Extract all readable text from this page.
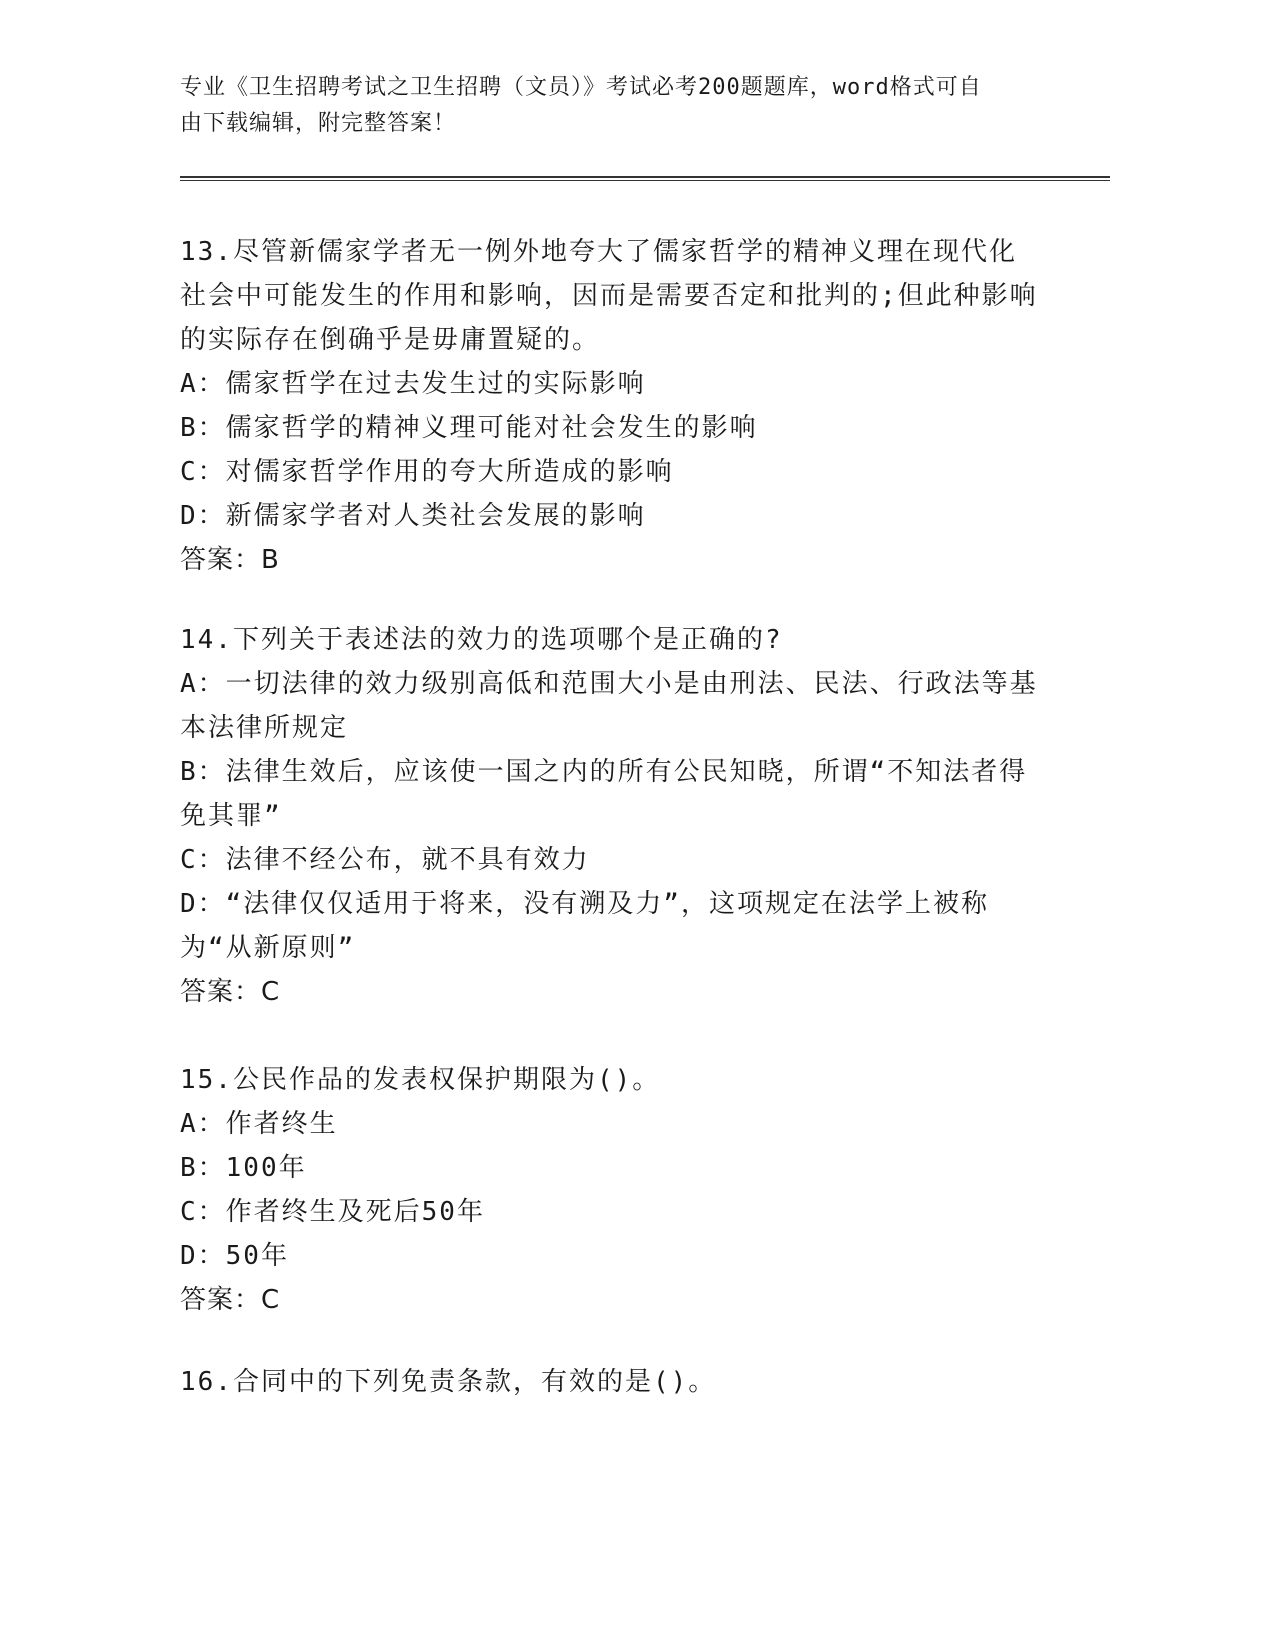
专业《卫生招聘考试之卫生招聘（文员）》考试必考200题题库，word格式可自
由下载编辑，附完整答案！

13.尽管新儒家学者无一例外地夸大了儒家哲学的精神义理在现代化社会中可能发生的作用和影响，因而是需要否定和批判的;但此种影响的实际存在倒确乎是毋庸置疑的。

A：儒家哲学在过去发生过的实际影响

B：儒家哲学的精神义理可能对社会发生的影响

C：对儒家哲学作用的夸大所造成的影响

D：新儒家学者对人类社会发展的影响

答案：B

14.下列关于表述法的效力的选项哪个是正确的?

A：一切法律的效力级别高低和范围大小是由刑法、民法、行政法等基本法律所规定

B：法律生效后，应该使一国之内的所有公民知晓，所谓“不知法者得免其罪”

C：法律不经公布，就不具有效力

D：“法律仅仅适用于将来，没有溯及力”，这项规定在法学上被称为“从新原则”

答案：C

15.公民作品的发表权保护期限为()。

A：作者终生

B：100年

C：作者终生及死后50年

D：50年

答案：C

16.合同中的下列免责条款，有效的是()。
